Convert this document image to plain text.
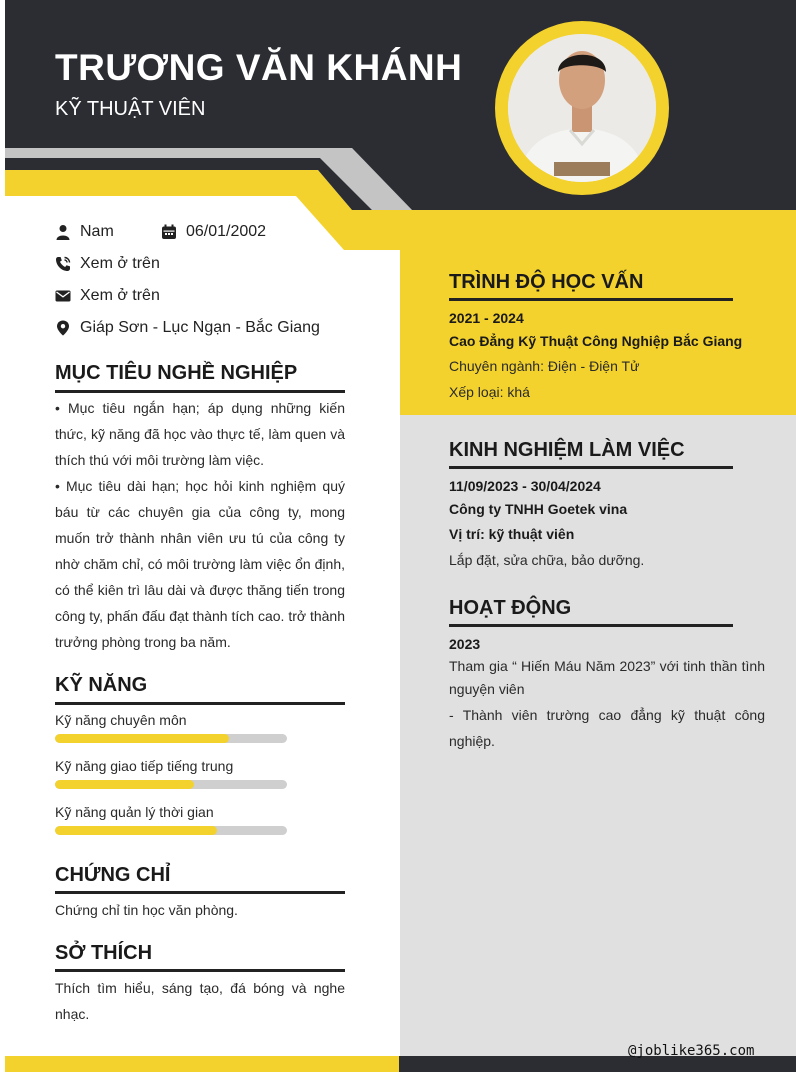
TRƯƠNG VĂN KHÁNH
KỸ THUẬT VIÊN
Nam	06/01/2002
Xem ở trên
Xem ở trên
Giáp Sơn - Lục Ngạn - Bắc Giang
MỤC TIÊU NGHỀ NGHIỆP
• Mục tiêu ngắn hạn; áp dụng những kiến thức, kỹ năng đã học vào thực tế, làm quen và thích thú với môi trường làm việc.
• Mục tiêu dài hạn; học hỏi kinh nghiệm quý báu từ các chuyên gia của công ty, mong muốn trở thành nhân viên ưu tú của công ty nhờ chăm chỉ, có môi trường làm việc ổn định, có thể kiên trì lâu dài và được thăng tiến trong công ty, phấn đấu đạt thành tích cao. trở thành trưởng phòng trong ba năm.
KỸ NĂNG
Kỹ năng chuyên môn
Kỹ năng giao tiếp tiếng trung
Kỹ năng quản lý thời gian
CHỨNG CHỈ
Chứng chỉ tin học văn phòng.
SỞ THÍCH
Thích tìm hiểu, sáng tạo, đá bóng và nghe nhạc.
TRÌNH ĐỘ HỌC VẤN
2021 - 2024
Cao Đẳng Kỹ Thuật Công Nghiệp Bắc Giang
Chuyên ngành: Điện - Điện Tử
Xếp loại: khá
KINH NGHIỆM LÀM VIỆC
11/09/2023 - 30/04/2024
Công ty TNHH Goetek vina
Vị trí: kỹ thuật viên
Lắp đặt, sửa chữa, bảo dưỡng.
HOẠT ĐỘNG
2023
Tham gia “ Hiến Máu Năm 2023” với tinh thần tình nguyện viên
- Thành viên trường cao đẳng kỹ thuật công nghiệp.
@joblike365.com
